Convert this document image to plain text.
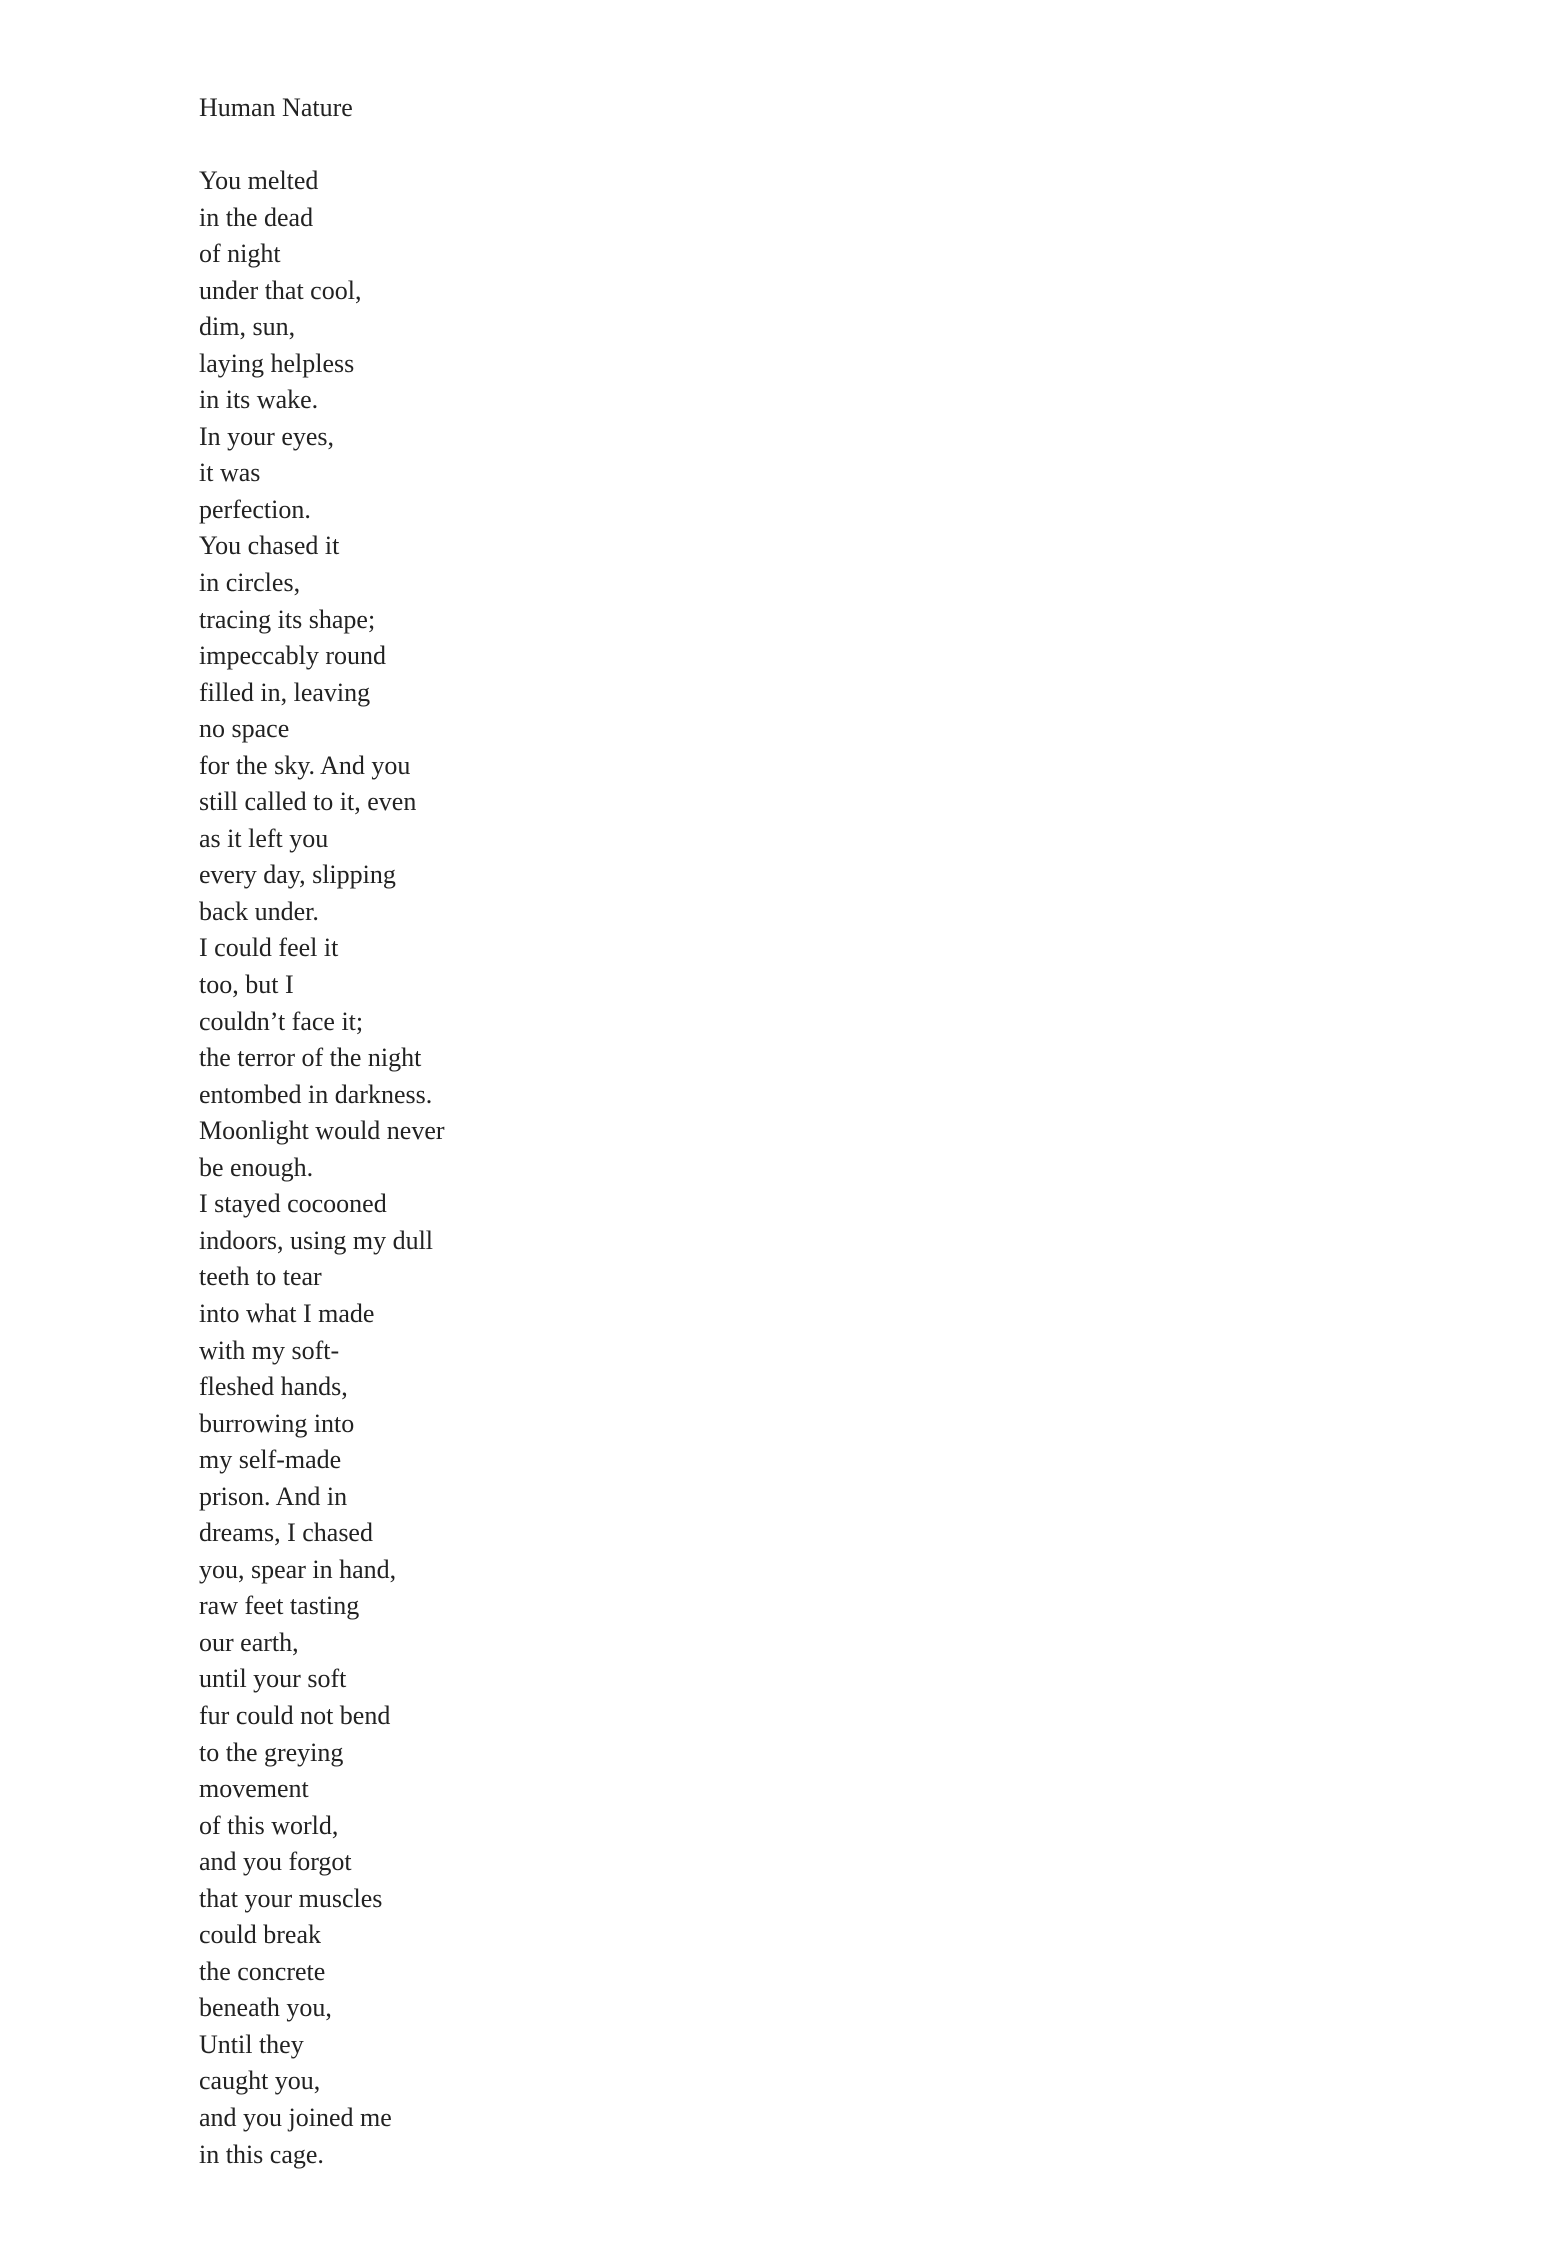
Human Nature
You melted
in the dead
of night
under that cool,
dim, sun,
laying helpless
in its wake.
In your eyes,
it was
perfection.
You chased it
in circles,
tracing its shape;
impeccably round
filled in, leaving
no space
for the sky. And you
still called to it, even
as it left you
every day, slipping
back under.
I could feel it
too, but I
couldn’t face it;
the terror of the night
entombed in darkness.
Moonlight would never
be enough.
I stayed cocooned
indoors, using my dull
teeth to tear
into what I made
with my soft-
fleshed hands,
burrowing into
my self-made
prison. And in
dreams, I chased
you, spear in hand,
raw feet tasting
our earth,
until your soft
fur could not bend
to the greying
movement
of this world,
and you forgot
that your muscles
could break
the concrete
beneath you,
Until they
caught you,
and you joined me
in this cage.
